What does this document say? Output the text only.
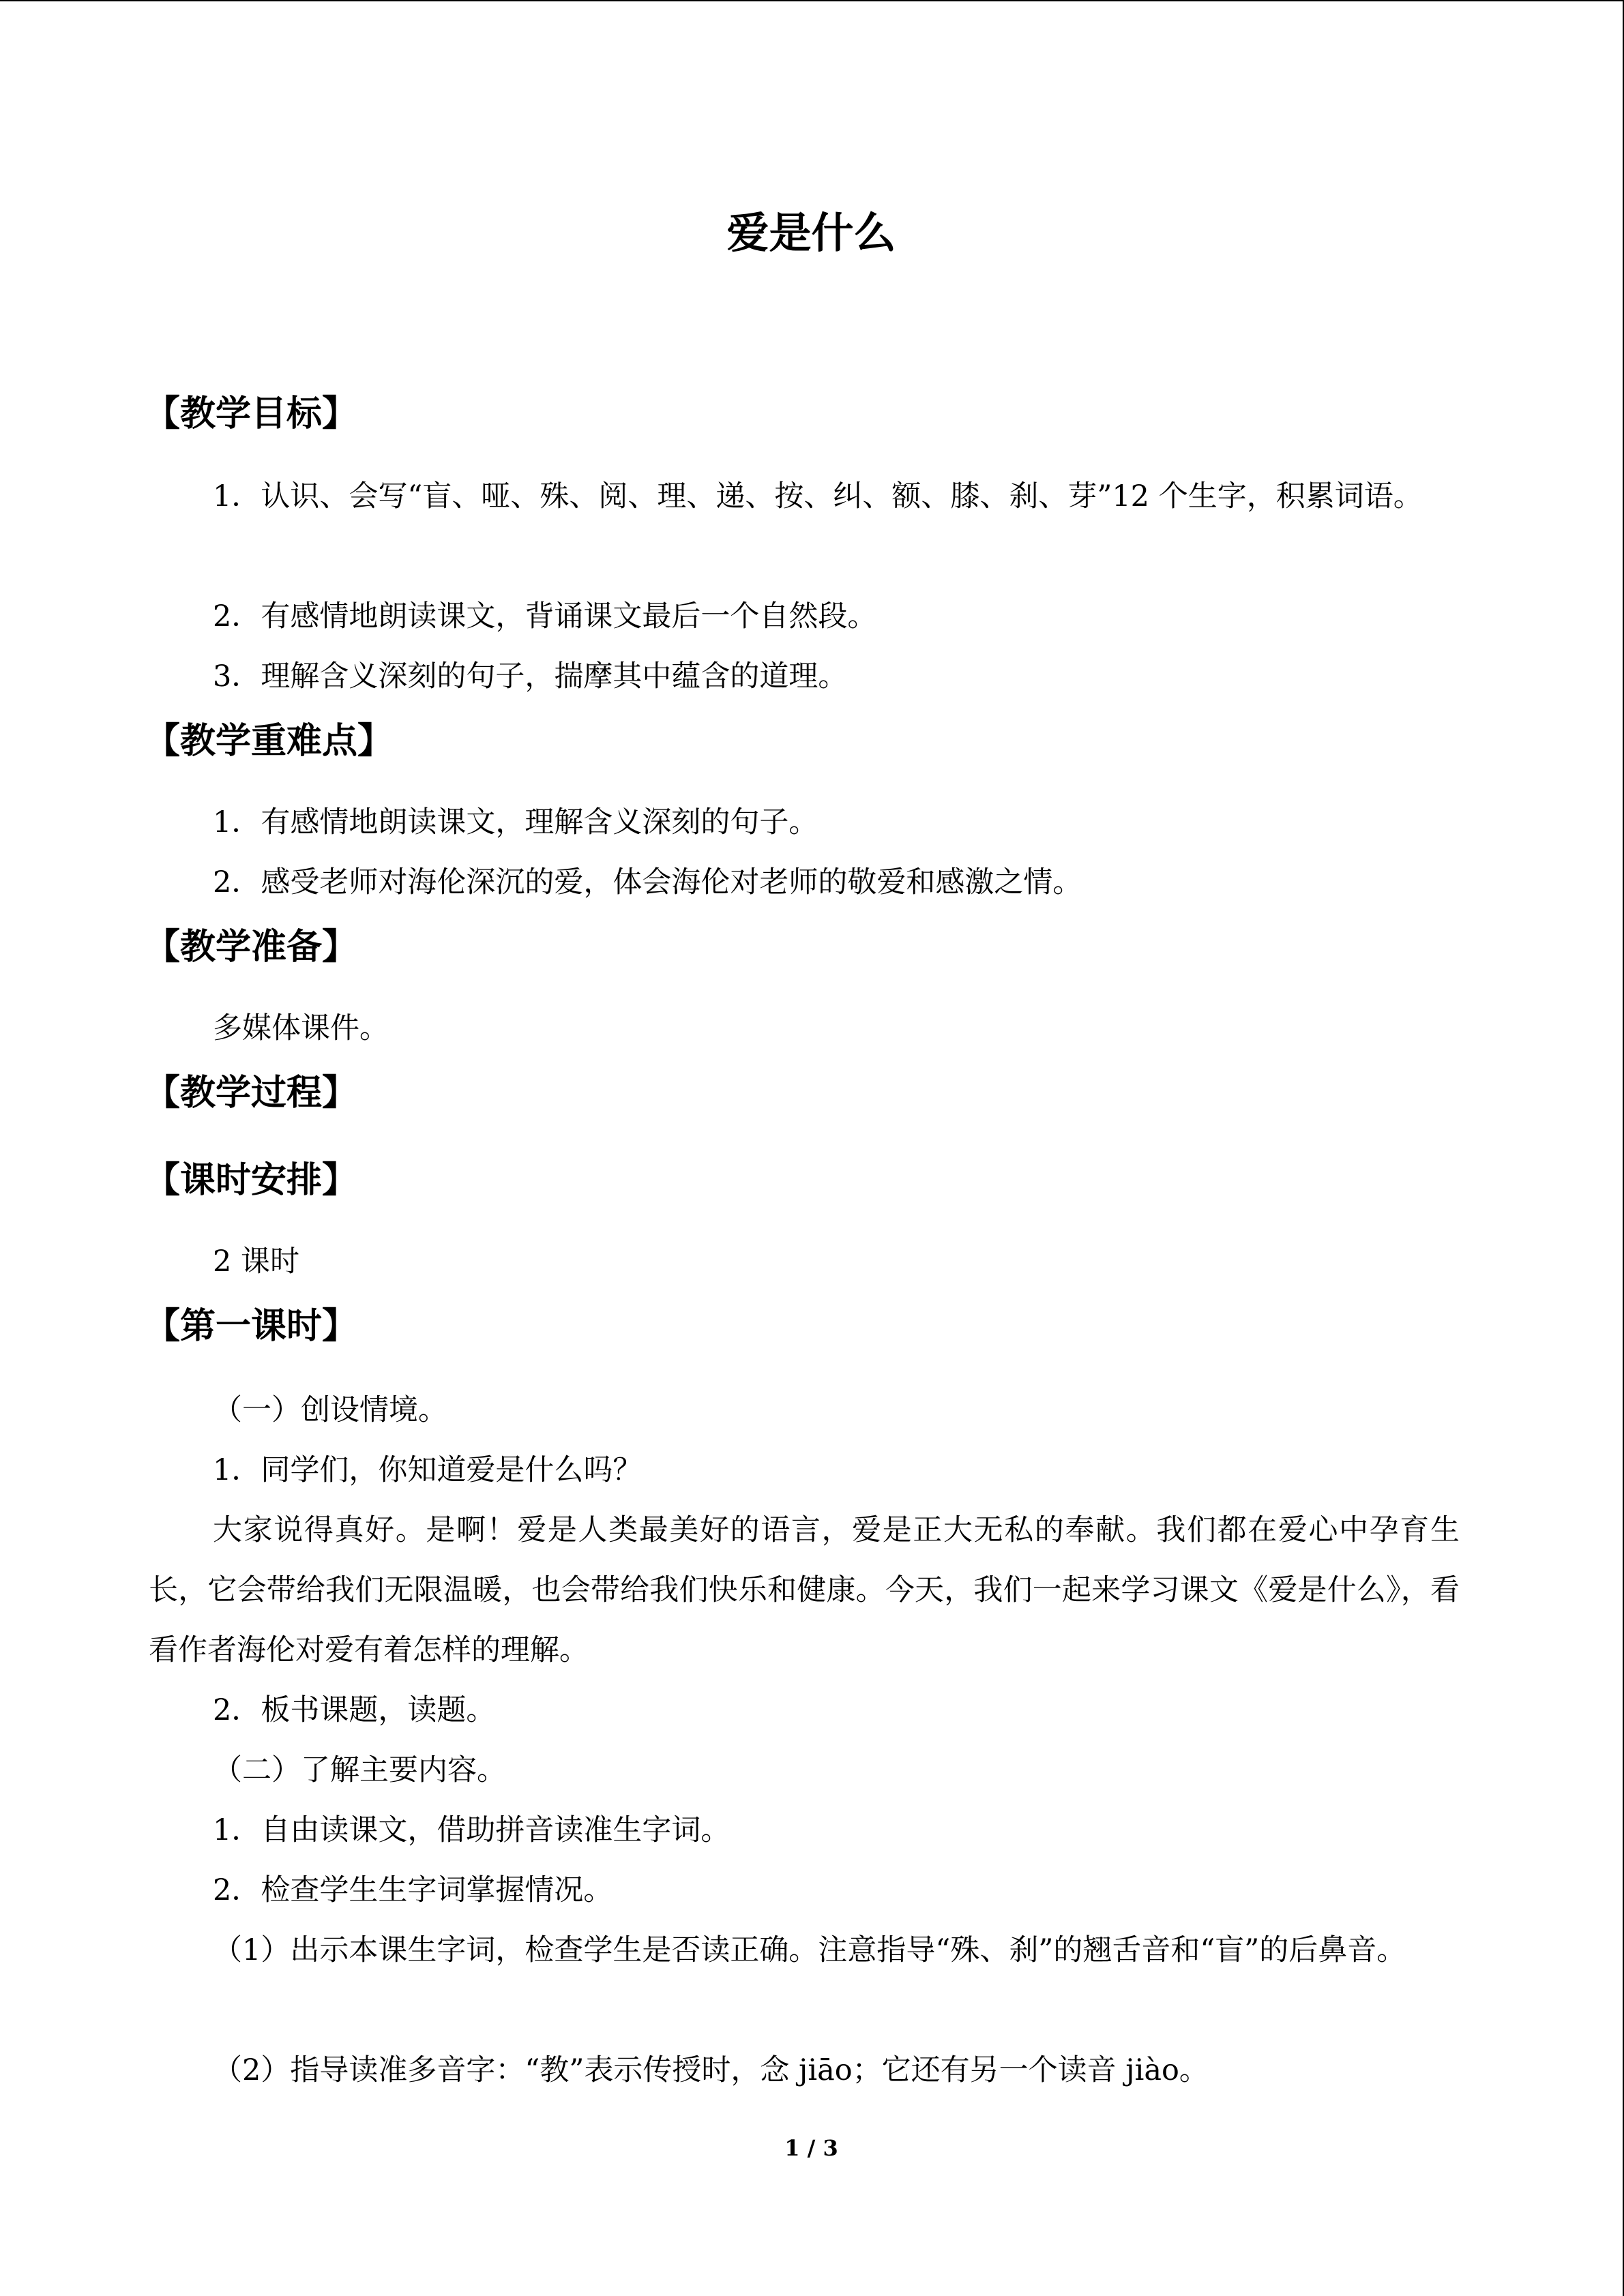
爱是什么
【教学目标】

1．认识、会写“盲、哑、殊、阅、理、递、按、纠、额、膝、刹、芽”12 个生字，积累词语。

2．有感情地朗读课文，背诵课文最后一个自然段。

3．理解含义深刻的句子，揣摩其中蕴含的道理。

【教学重难点】

1．有感情地朗读课文，理解含义深刻的句子。

2．感受老师对海伦深沉的爱，体会海伦对老师的敬爱和感激之情。

【教学准备】

多媒体课件。

【教学过程】
【课时安排】

2 课时

【第一课时】

（一）创设情境。

1．同学们，你知道爱是什么吗？

大家说得真好。是啊！爱是人类最美好的语言，爱是正大无私的奉献。我们都在爱心中孕育生长，它会带给我们无限温暖，也会带给我们快乐和健康。今天，我们一起来学习课文《爱是什么》，看看作者海伦对爱有着怎样的理解。

2．板书课题，读题。

（二）了解主要内容。

1．自由读课文，借助拼音读准生字词。

2．检查学生生字词掌握情况。

（1）出示本课生字词，检查学生是否读正确。注意指导“殊、刹”的翘舌音和“盲”的后鼻音。

（2）指导读准多音字：“教”表示传授时，念 jiāo；它还有另一个读音 jiào。

1 / 3
